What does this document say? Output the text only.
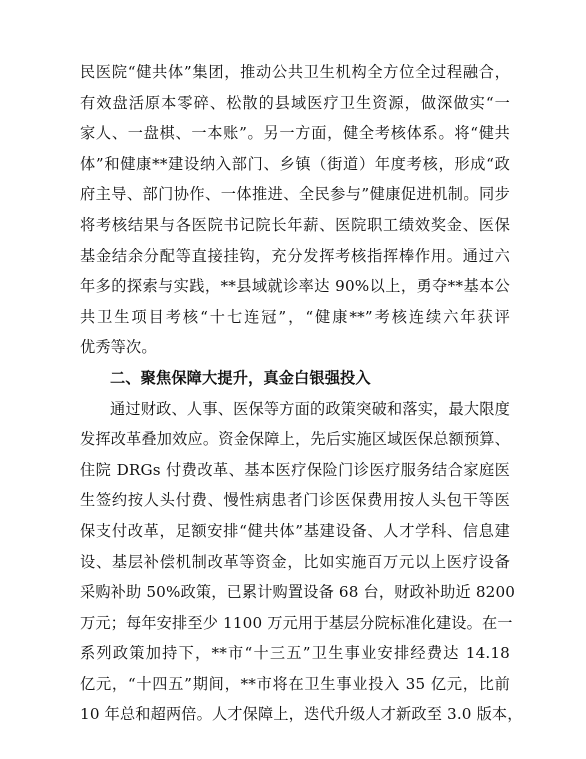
民医院“健共体”集团，推动公共卫生机构全方位全过程融合，
有效盘活原本零碎、松散的县域医疗卫生资源，做深做实“一
家人、一盘棋、一本账”。另一方面，健全考核体系。将“健共
体”和健康**建设纳入部门、乡镇（街道）年度考核，形成“政
府主导、部门协作、一体推进、全民参与”健康促进机制。同步
将考核结果与各医院书记院长年薪、医院职工绩效奖金、医保
基金结余分配等直接挂钩，充分发挥考核指挥棒作用。通过六
年多的探索与实践，**县域就诊率达 90%以上，勇夺**基本公
共卫生项目考核“十七连冠”，“健康**”考核连续六年获评
优秀等次。
二、聚焦保障大提升，真金白银强投入
通过财政、人事、医保等方面的政策突破和落实，最大限度
发挥改革叠加效应。资金保障上，先后实施区域医保总额预算、
住院 DRGs 付费改革、基本医疗保险门诊医疗服务结合家庭医
生签约按人头付费、慢性病患者门诊医保费用按人头包干等医
保支付改革，足额安排“健共体”基建设备、人才学科、信息建
设、基层补偿机制改革等资金，比如实施百万元以上医疗设备
采购补助 50%政策，已累计购置设备 68 台，财政补助近 8200
万元；每年安排至少 1100 万元用于基层分院标准化建设。在一
系列政策加持下，**市“十三五”卫生事业安排经费达 14.18
亿元，“十四五”期间，**市将在卫生事业投入 35 亿元，比前
10 年总和超两倍。人才保障上，迭代升级人才新政至 3.0 版本，
